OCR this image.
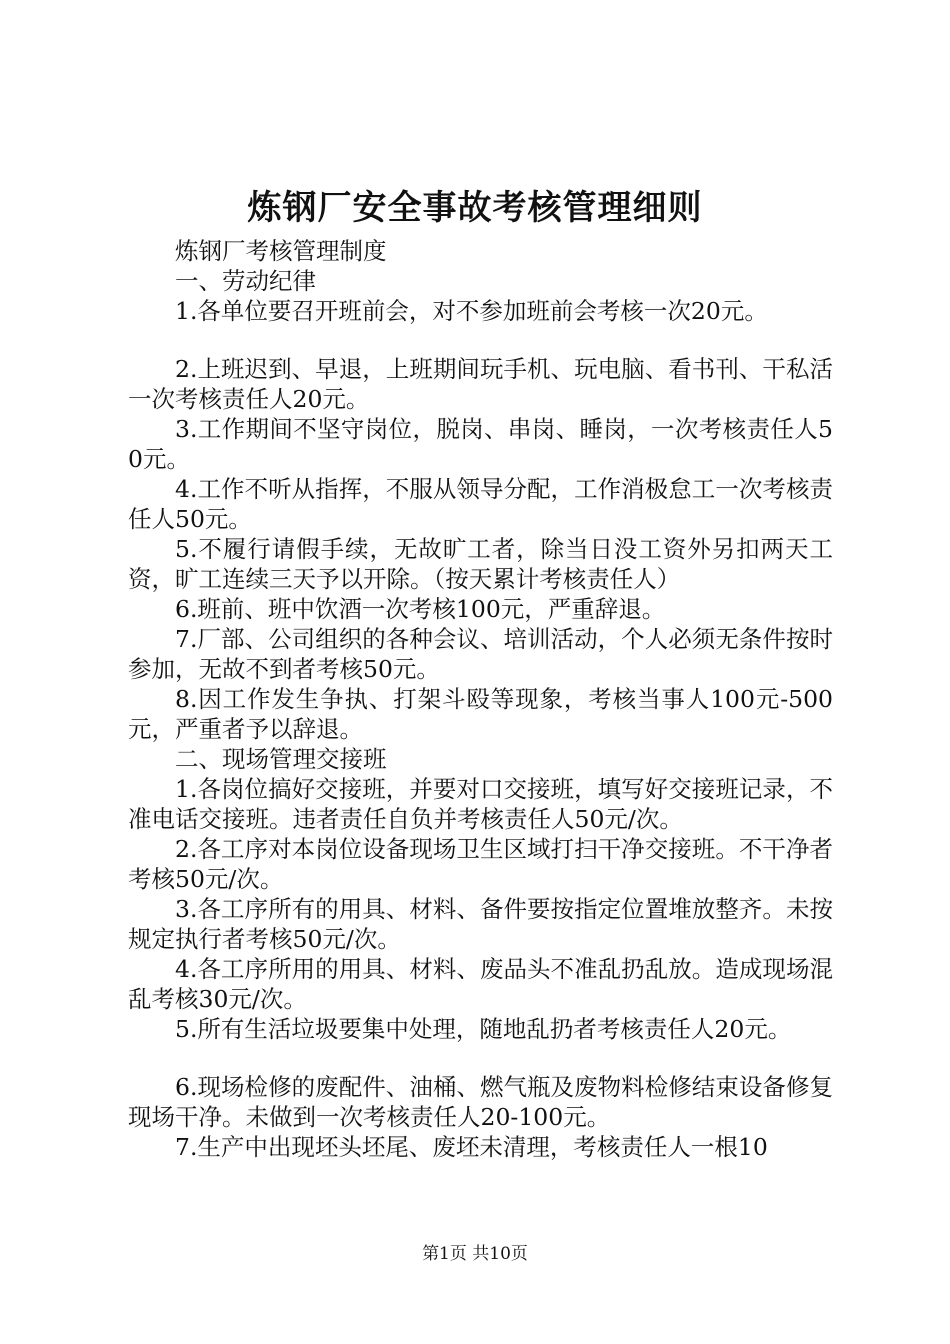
炼钢厂安全事故考核管理细则

炼钢厂考核管理制度

一、劳动纪律

1.各单位要召开班前会，对不参加班前会考核一次20元。

2.上班迟到、早退，上班期间玩手机、玩电脑、看书刊、干私活一次考核责任人20元。

3.工作期间不坚守岗位，脱岗、串岗、睡岗，一次考核责任人50元。

4.工作不听从指挥，不服从领导分配，工作消极怠工一次考核责任人50元。

5.不履行请假手续，无故旷工者，除当日没工资外另扣两天工资，旷工连续三天予以开除。（按天累计考核责任人）

6.班前、班中饮酒一次考核100元，严重辞退。

7.厂部、公司组织的各种会议、培训活动，个人必须无条件按时参加，无故不到者考核50元。

8.因工作发生争执、打架斗殴等现象，考核当事人100元-500元，严重者予以辞退。

二、现场管理交接班

1.各岗位搞好交接班，并要对口交接班，填写好交接班记录，不准电话交接班。违者责任自负并考核责任人50元/次。

2.各工序对本岗位设备现场卫生区域打扫干净交接班。不干净者考核50元/次。

3.各工序所有的用具、材料、备件要按指定位置堆放整齐。未按规定执行者考核50元/次。

4.各工序所用的用具、材料、废品头不准乱扔乱放。造成现场混乱考核30元/次。

5.所有生活垃圾要集中处理，随地乱扔者考核责任人20元。

6.现场检修的废配件、油桶、燃气瓶及废物料检修结束设备修复现场干净。未做到一次考核责任人20-100元。

7.生产中出现坯头坯尾、废坯未清理，考核责任人一根10

第1页 共10页
